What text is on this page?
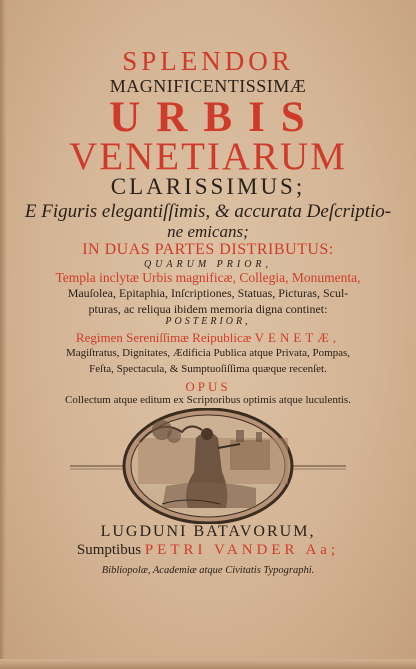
SPLENDOR
MAGNIFICENTISSIMÆ
URBIS
VENETIARUM
CLARISSIMUS;
E Figuris elegantiſſimis, & accurata Deſcriptio-
ne emicans;
IN DUAS PARTES DISTRIBUTUS:
QUARUM PRIOR,
Templa inclytæ Urbis magnificæ, Collegia, Monumenta,
Mauſolea, Epitaphia, Inſcriptiones, Statuas, Picturas, Scul-
pturas, ac reliqua ibidem memoria digna continet:
POSTERIOR,
Regimen Sereniſſimæ Reipublicæ VENETÆ,
Magiſtratus, Dignitates, Ædificia Publica atque Privata, Pompas,
Feſta, Spectacula, & Sumptuoſiſſima quæque recenſet.
OPUS
Collectum atque editum ex Scriptoribus optimis atque luculentis.
LUGDUNI BATAVORUM,
Sumptibus PETRI VANDER Aa;
Bibliopolæ, Academiæ atque Civitatis Typographi.
